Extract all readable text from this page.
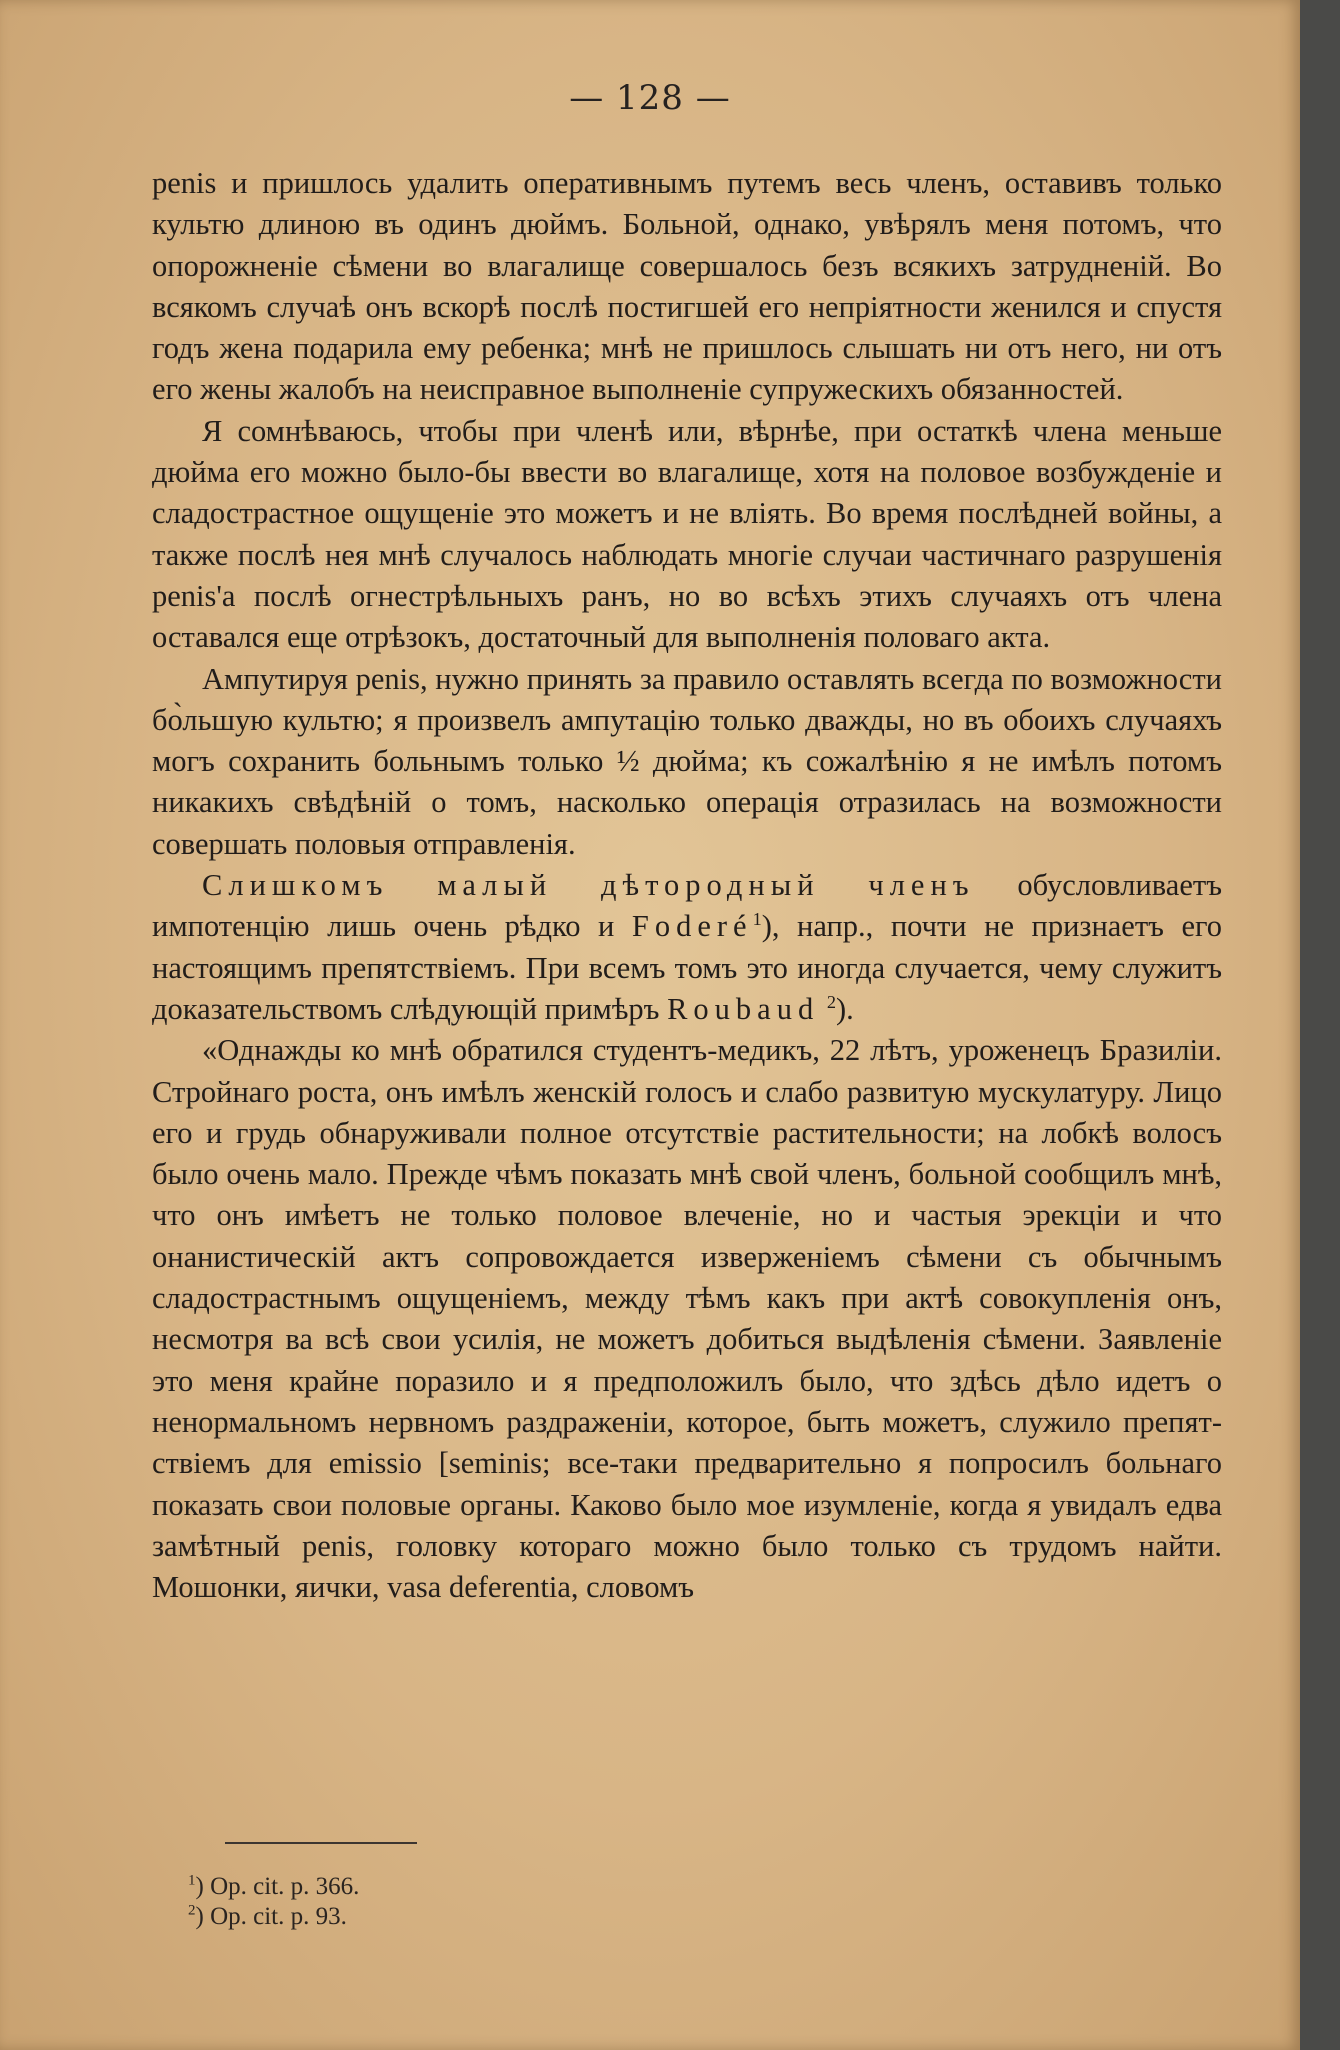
— 128 —

penis и пришлось удалить оперативнымъ путемъ весь членъ, оставивъ только культю длиною въ одинъ дюймъ. Больной, однако, увѣрялъ меня потомъ, что опорожненіе сѣмени во влагалище совершалось безъ всякихъ затрудненій. Во всякомъ случаѣ онъ вскорѣ послѣ постигшей его непріятности женился и спустя годъ жена подарила ему ребенка; мнѣ не пришлось слышать ни отъ него, ни отъ его жены жалобъ на неисправное выполненіе супружескихъ обязанностей.

Я сомнѣваюсь, чтобы при членѣ или, вѣрнѣе, при остаткѣ члена меньше дюйма его можно было-бы ввести во влагалище, хотя на половое возбужденіе и сладострастное ощущеніе это можетъ и не вліять. Во время послѣдней войны, а также послѣ нея мнѣ случалось наблюдать многіе случаи частичнаго разрушенія penis'а послѣ огнестрѣльныхъ ранъ, но во всѣхъ этихъ случаяхъ отъ члена оставался еще отрѣзокъ, достаточный для выполненія половаго акта.

Ампутируя penis, нужно принять за правило оставлять всегда по возможности бо̀льшую культю; я произвелъ ампутацію только дважды, но въ обоихъ случаяхъ могъ сохранить больнымъ только ½ дюйма; къ сожалѣнію я не имѣлъ потомъ никакихъ свѣдѣній о томъ, насколько операція отразилась на возможности совершать половыя отправленія.

Слишкомъ малый дѣтородный членъ обусловливаетъ импотенцію лишь очень рѣдко и Foderé$^1$), напр., почти не признаетъ его настоящимъ препятствіемъ. При всемъ томъ это иногда случается, чему служитъ доказательствомъ слѣдующій примѣръ Roubaud $^2$).

«Однажды ко мнѣ обратился студентъ-медикъ, 22 лѣтъ, уроженецъ Бразиліи. Стройнаго роста, онъ имѣлъ женскій голосъ и слабо развитую мускулатуру. Лицо его и грудь обнаруживали полное отсутствіе растительности; на лобкѣ волосъ было очень мало. Прежде чѣмъ показать мнѣ свой членъ, больной сообщилъ мнѣ, что онъ имѣетъ не только половое влеченіе, но и частыя эрекціи и что онанистическій актъ сопровождается изверженіемъ сѣмени съ обычнымъ сладострастнымъ ощущеніемъ, между тѣмъ какъ при актѣ совокупленія онъ, несмотря ва всѣ свои усилія, не можетъ добиться выдѣленія сѣмени. Заявленіе это меня крайне поразило и я предположилъ было, что здѣсь дѣло идетъ о ненормальномъ нервномъ раздраженіи, которое, быть можетъ, служило препятствіемъ для emissio [seminis; все-таки предварительно я попросилъ больнаго показать свои половые органы. Каково было мое изумленіе, когда я увидалъ едва замѣтный penis, головку котораго можно было только съ трудомъ найти. Мошонки, яички, vasa deferentia, словомъ

$^1$) Op. cit. p. 366.
$^2$) Op. cit. p. 93.
